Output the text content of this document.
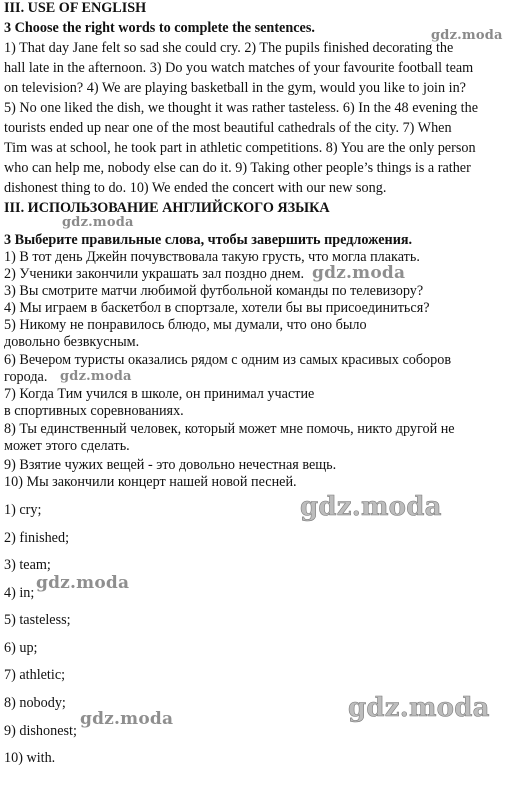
III. USE OF ENGLISH
3 Choose the right words to complete the sentences.
1) That day Jane felt so sad she could cry. 2) The pupils finished decorating the
hall late in the afternoon. 3) Do you watch matches of your favourite football team
on television? 4) We are playing basketball in the gym, would you like to join in?
5) No one liked the dish, we thought it was rather tasteless. 6) In the 48 evening the
tourists ended up near one of the most beautiful cathedrals of the city. 7) When
Tim was at school, he took part in athletic competitions. 8) You are the only person
who can help me, nobody else can do it. 9) Taking other people’s things is a rather
dishonest thing to do. 10) We ended the concert with our new song.
III. ИСПОЛЬЗОВАНИЕ АНГЛИЙСКОГО ЯЗЫКА
3 Выберите правильные слова, чтобы завершить предложения.
1) В тот день Джейн почувствовала такую грусть, что могла плакать.
2) Ученики закончили украшать зал поздно днем.
3) Вы смотрите матчи любимой футбольной команды по телевизору?
4) Мы играем в баскетбол в спортзале, хотели бы вы присоединиться?
5) Никому не понравилось блюдо, мы думали, что оно было
довольно безвкусным.
6) Вечером туристы оказались рядом с одним из самых красивых соборов
города.
7) Когда Тим учился в школе, он принимал участие
в спортивных соревнованиях.
8) Ты единственный человек, который может мне помочь, никто другой не
может этого сделать.
9) Взятие чужих вещей - это довольно нечестная вещь.
10) Мы закончили концерт нашей новой песней.
1) cry;
2) finished;
3) team;
4) in;
5) tasteless;
6) up;
7) athletic;
8) nobody;
9) dishonest;
10) with.
gdz.moda
gdz.moda
gdz.moda
gdz.moda
gdz.moda
gdz.moda
gdz.moda
gdz.moda
